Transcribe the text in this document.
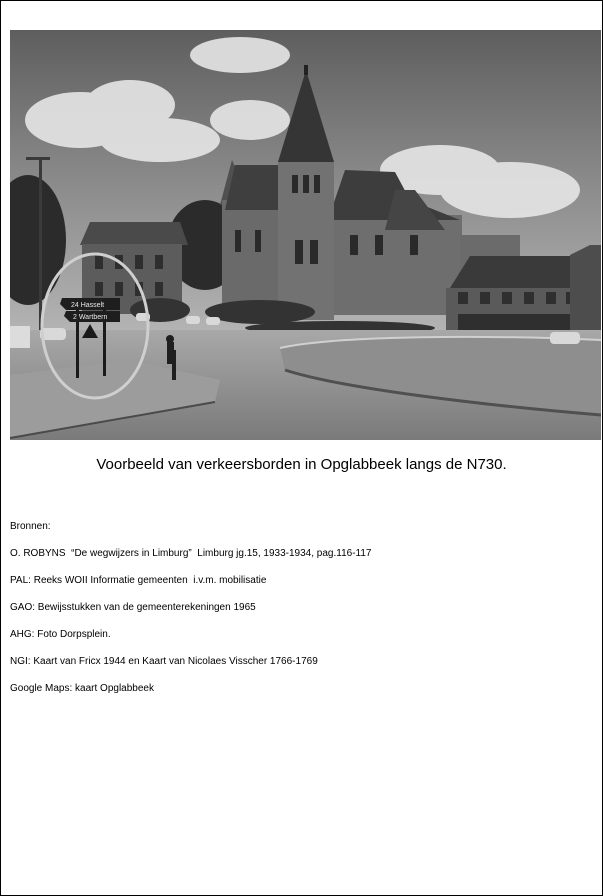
24 Hasselt
2 Wartbern
Voorbeeld van verkeersborden in Opglabbeek langs de N730.
Bronnen:
O. ROBYNS  “De wegwijzers in Limburg”  Limburg jg.15, 1933-1934, pag.116-117
PAL: Reeks WOII Informatie gemeenten  i.v.m. mobilisatie
GAO: Bewijsstukken van de gemeenterekeningen 1965
AHG: Foto Dorpsplein.
NGI: Kaart van Fricx 1944 en Kaart van Nicolaes Visscher 1766-1769
Google Maps: kaart Opglabbeek
